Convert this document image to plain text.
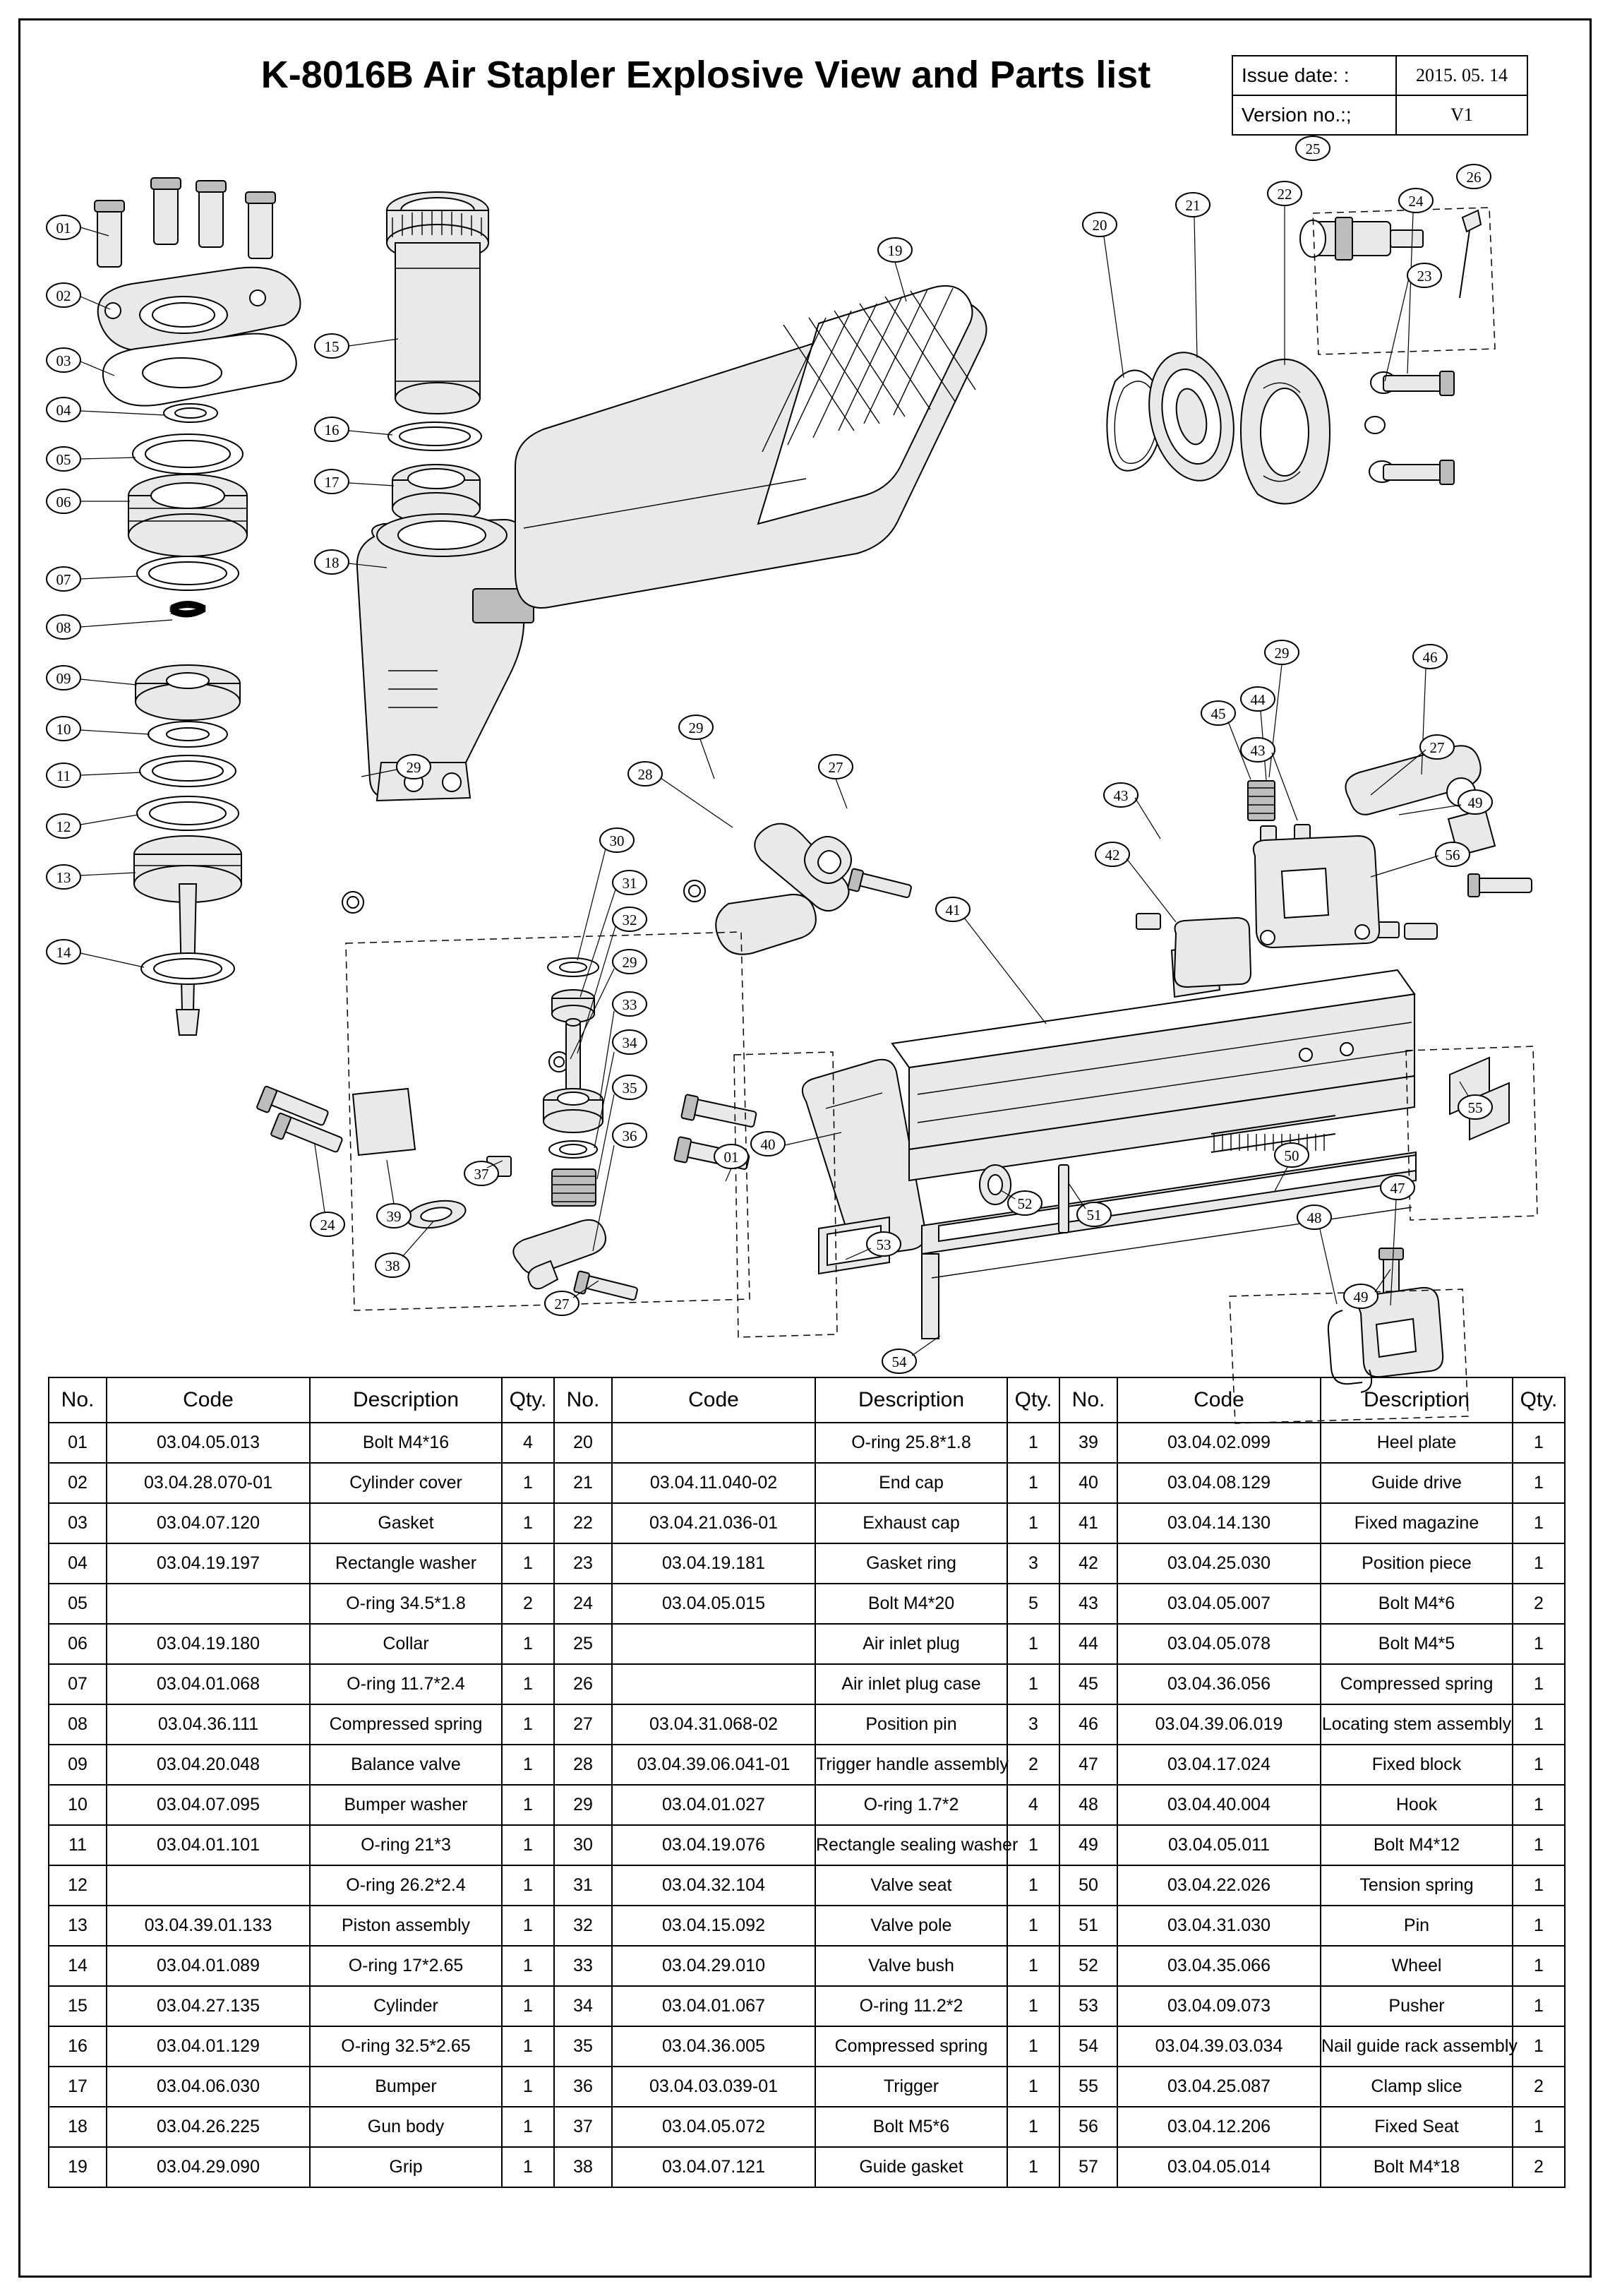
K-8016B Air Stapler Explosive View and Parts list	Issue date: :	2015. 05. 14
Version no.:;	V1
01
02
03
04
05
06
07
08
09
10
11
12
13
14
15
16
17
18
19
20
21
22	24
23
25
26
29	46
45
44
43	27
49
56
43
42
41
29
27
29	28
30
31
32
29
33
34
35
36
27
37
38
39
24
40
01	50
52
51
53
54
55
49
48
47
No.	Code	Description	Qty.	No.	Code	Description	Qty.	No.	Code	Description	Qty.
01	03.04.05.013	Bolt M4*16	4	20		O-ring 25.8*1.8	1	39	03.04.02.099	Heel plate	1
02	03.04.28.070-01	Cylinder cover	1	21	03.04.11.040-02	End cap	1	40	03.04.08.129	Guide drive	1
03	03.04.07.120	Gasket	1	22	03.04.21.036-01	Exhaust cap	1	41	03.04.14.130	Fixed magazine	1
04	03.04.19.197	Rectangle washer	1	23	03.04.19.181	Gasket ring	3	42	03.04.25.030	Position piece	1
05		O-ring 34.5*1.8	2	24	03.04.05.015	Bolt M4*20	5	43	03.04.05.007	Bolt M4*6	2
06	03.04.19.180	Collar	1	25		Air inlet plug	1	44	03.04.05.078	Bolt M4*5	1
07	03.04.01.068	O-ring 11.7*2.4	1	26		Air inlet plug case	1	45	03.04.36.056	Compressed spring	1
08	03.04.36.111	Compressed spring	1	27	03.04.31.068-02	Position pin	3	46	03.04.39.06.019	Locating stem assembly	1
09	03.04.20.048	Balance valve	1	28	03.04.39.06.041-01	Trigger handle assembly	2	47	03.04.17.024	Fixed block	1
10	03.04.07.095	Bumper washer	1	29	03.04.01.027	O-ring 1.7*2	4	48	03.04.40.004	Hook	1
11	03.04.01.101	O-ring 21*3	1	30	03.04.19.076	Rectangle sealing washer	1	49	03.04.05.011	Bolt M4*12	1
12		O-ring 26.2*2.4	1	31	03.04.32.104	Valve seat	1	50	03.04.22.026	Tension spring	1
13	03.04.39.01.133	Piston assembly	1	32	03.04.15.092	Valve pole	1	51	03.04.31.030	Pin	1
14	03.04.01.089	O-ring 17*2.65	1	33	03.04.29.010	Valve bush	1	52	03.04.35.066	Wheel	1
15	03.04.27.135	Cylinder	1	34	03.04.01.067	O-ring 11.2*2	1	53	03.04.09.073	Pusher	1
16	03.04.01.129	O-ring 32.5*2.65	1	35	03.04.36.005	Compressed spring	1	54	03.04.39.03.034	Nail guide rack assembly	1
17	03.04.06.030	Bumper	1	36	03.04.03.039-01	Trigger	1	55	03.04.25.087	Clamp slice	2
18	03.04.26.225	Gun body	1	37	03.04.05.072	Bolt M5*6	1	56	03.04.12.206	Fixed Seat	1
19	03.04.29.090	Grip	1	38	03.04.07.121	Guide gasket	1	57	03.04.05.014	Bolt M4*18	2
